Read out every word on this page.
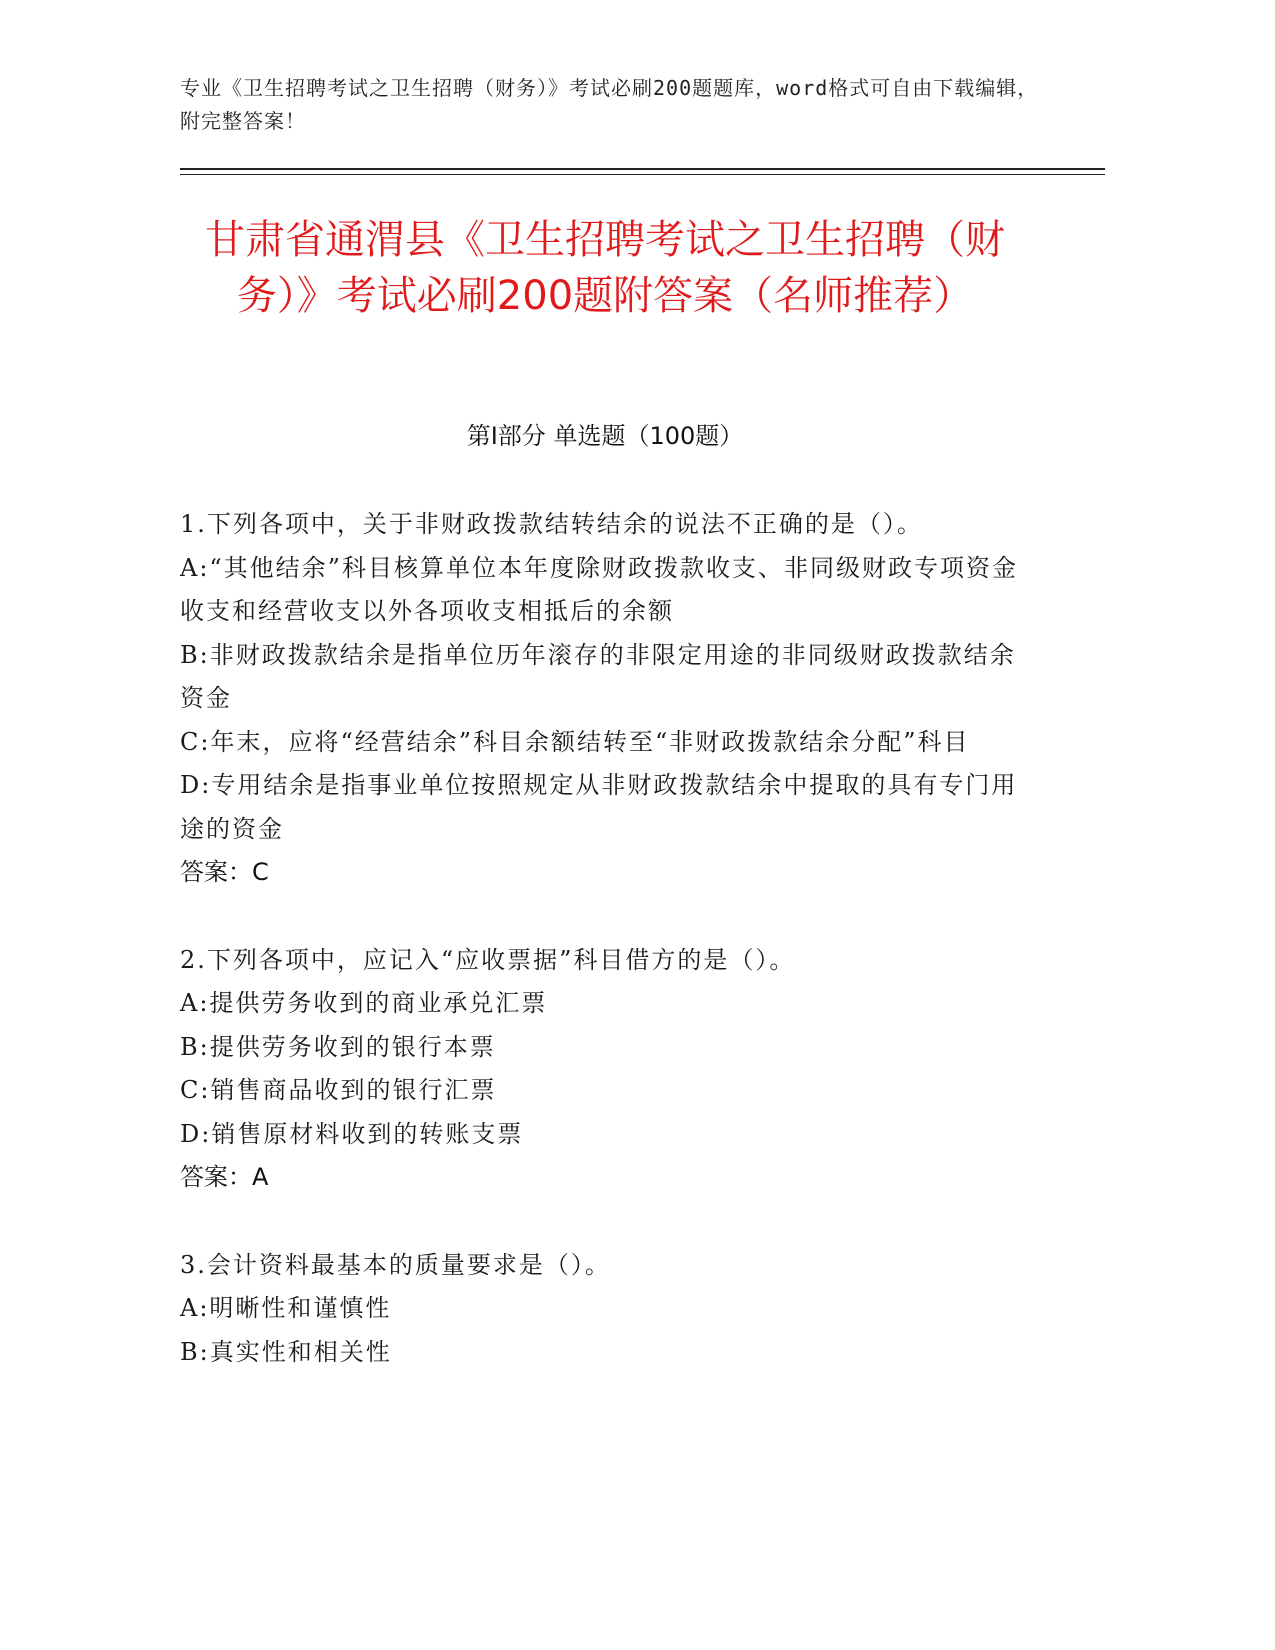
专业《卫生招聘考试之卫生招聘（财务）》考试必刷200题题库，word格式可自由下载编辑，附完整答案！
甘肃省通渭县《卫生招聘考试之卫生招聘（财务）》考试必刷200题附答案（名师推荐）
第Ⅰ部分 单选题（100题）
1.下列各项中，关于非财政拨款结转结余的说法不正确的是（）。
A:“其他结余”科目核算单位本年度除财政拨款收支、非同级财政专项资金收支和经营收支以外各项收支相抵后的余额
B:非财政拨款结余是指单位历年滚存的非限定用途的非同级财政拨款结余资金
C:年末，应将“经营结余”科目余额结转至“非财政拨款结余分配”科目
D:专用结余是指事业单位按照规定从非财政拨款结余中提取的具有专门用途的资金
答案：C
2.下列各项中，应记入“应收票据”科目借方的是（）。
A:提供劳务收到的商业承兑汇票
B:提供劳务收到的银行本票
C:销售商品收到的银行汇票
D:销售原材料收到的转账支票
答案：A
3.会计资料最基本的质量要求是（）。
A:明晰性和谨慎性
B:真实性和相关性
